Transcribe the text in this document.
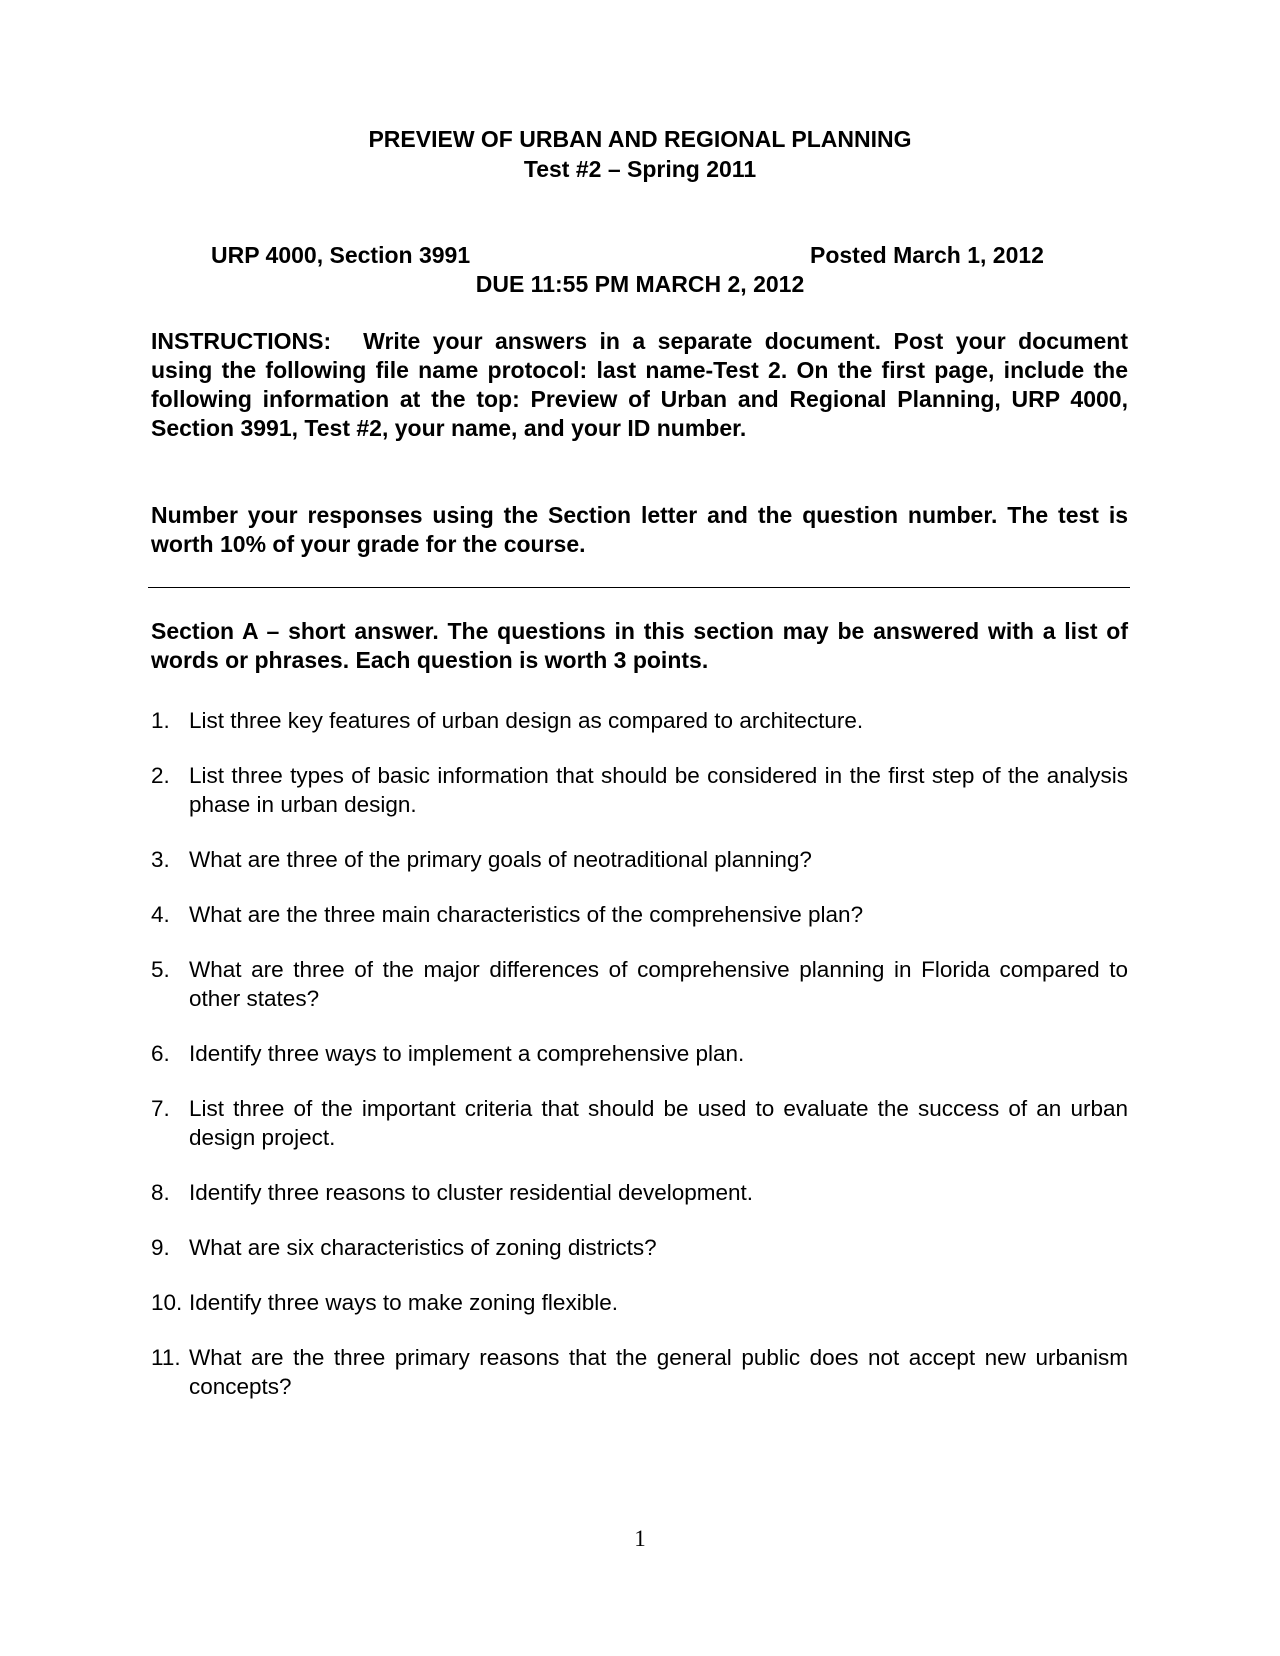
PREVIEW OF URBAN AND REGIONAL PLANNING
Test #2 – Spring 2011
URP 4000, Section 3991	Posted March 1, 2012
DUE 11:55 PM MARCH 2, 2012
INSTRUCTIONS: Write your answers in a separate document. Post your document using the following file name protocol: last name-Test 2. On the first page, include the following information at the top: Preview of Urban and Regional Planning, URP 4000, Section 3991, Test #2, your name, and your ID number.
Number your responses using the Section letter and the question number. The test is worth 10% of your grade for the course.
Section A – short answer. The questions in this section may be answered with a list of words or phrases. Each question is worth 3 points.
1. List three key features of urban design as compared to architecture.
2. List three types of basic information that should be considered in the first step of the analysis phase in urban design.
3. What are three of the primary goals of neotraditional planning?
4. What are the three main characteristics of the comprehensive plan?
5. What are three of the major differences of comprehensive planning in Florida compared to other states?
6. Identify three ways to implement a comprehensive plan.
7. List three of the important criteria that should be used to evaluate the success of an urban design project.
8. Identify three reasons to cluster residential development.
9. What are six characteristics of zoning districts?
10. Identify three ways to make zoning flexible.
11. What are the three primary reasons that the general public does not accept new urbanism concepts?
1
